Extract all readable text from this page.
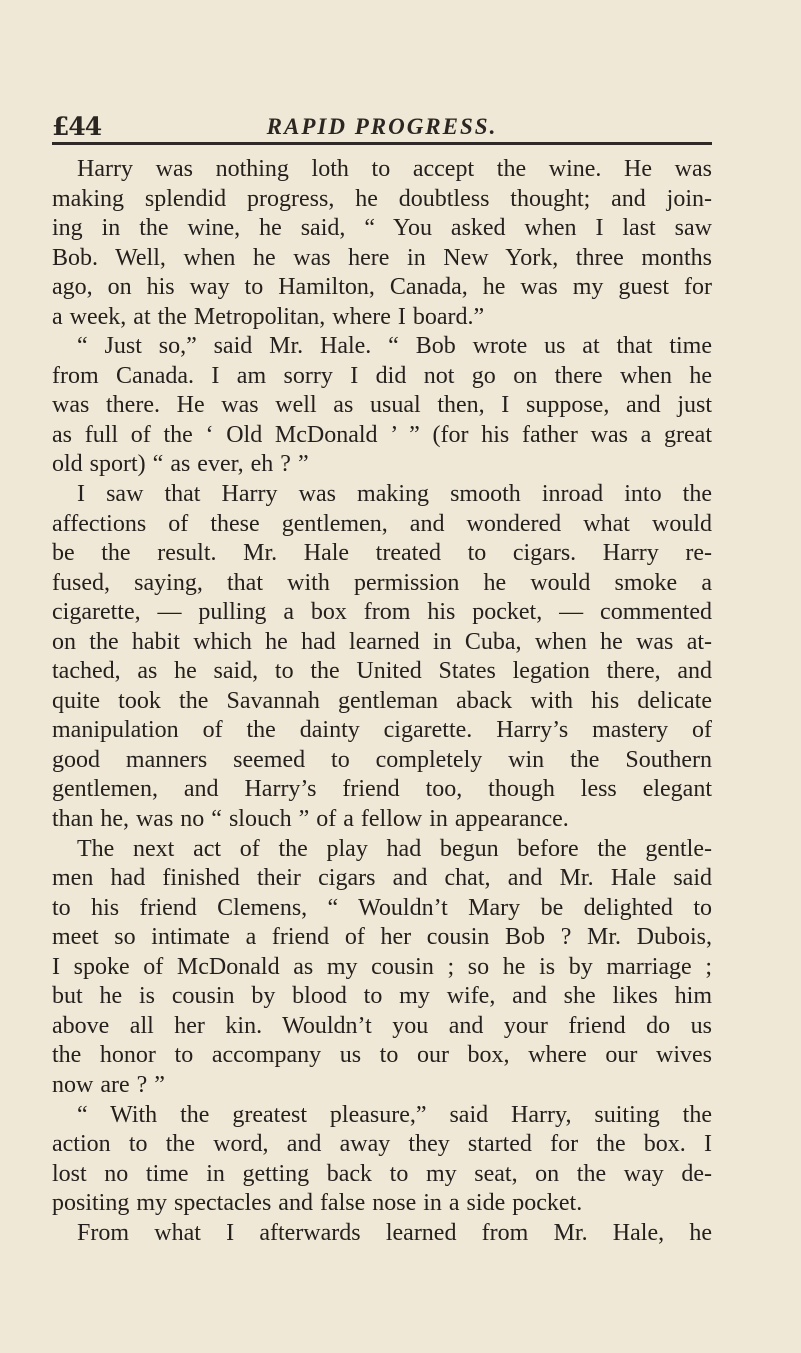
£44	RAPID PROGRESS.
Harry was nothing loth to accept the wine. He was
making splendid progress, he doubtless thought; and join-
ing in the wine, he said, “ You asked when I last saw
Bob. Well, when he was here in New York, three months
ago, on his way to Hamilton, Canada, he was my guest for
a week, at the Metropolitan, where I board.”
“ Just so,” said Mr. Hale. “ Bob wrote us at that time
from Canada. I am sorry I did not go on there when he
was there. He was well as usual then, I suppose, and just
as full of the ‘ Old McDonald ’ ” (for his father was a great
old sport) “ as ever, eh ? ”
I saw that Harry was making smooth inroad into the
affections of these gentlemen, and wondered what would
be the result. Mr. Hale treated to cigars. Harry re-
fused, saying, that with permission he would smoke a
cigarette, — pulling a box from his pocket, — commented
on the habit which he had learned in Cuba, when he was at-
tached, as he said, to the United States legation there, and
quite took the Savannah gentleman aback with his delicate
manipulation of the dainty cigarette. Harry’s mastery of
good manners seemed to completely win the Southern
gentlemen, and Harry’s friend too, though less elegant
than he, was no “ slouch ” of a fellow in appearance.
The next act of the play had begun before the gentle-
men had finished their cigars and chat, and Mr. Hale said
to his friend Clemens, “ Wouldn’t Mary be delighted to
meet so intimate a friend of her cousin Bob ? Mr. Dubois,
I spoke of McDonald as my cousin ; so he is by marriage ;
but he is cousin by blood to my wife, and she likes him
above all her kin. Wouldn’t you and your friend do us
the honor to accompany us to our box, where our wives
now are ? ”
“ With the greatest pleasure,” said Harry, suiting the
action to the word, and away they started for the box. I
lost no time in getting back to my seat, on the way de-
positing my spectacles and false nose in a side pocket.
From what I afterwards learned from Mr. Hale, he
